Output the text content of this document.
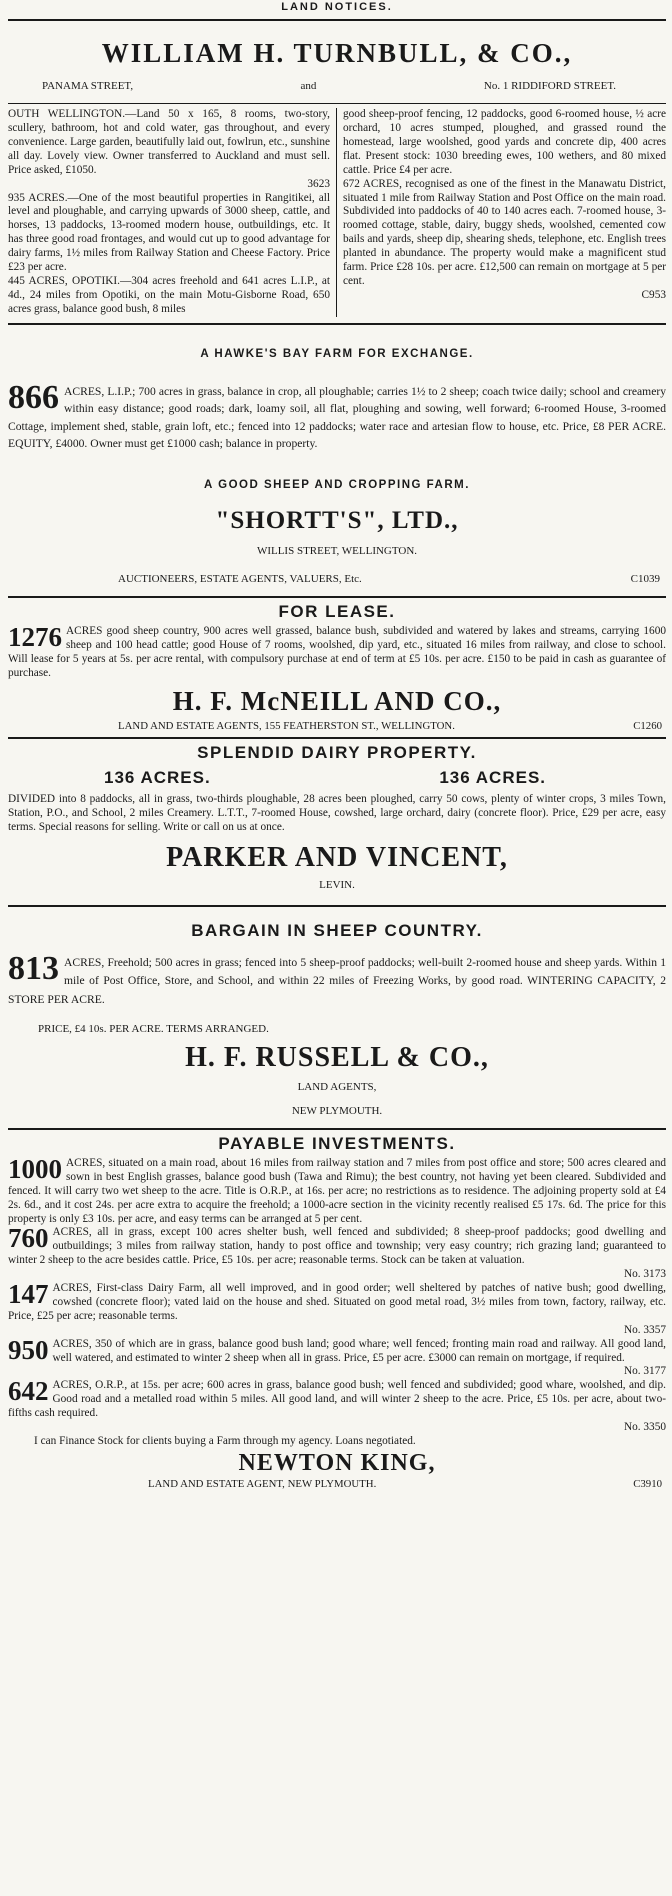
LAND NOTICES.
WILLIAM H. TURNBULL, & CO.,
PANAMA STREET,	and	No. 1 RIDDIFORD STREET.

OUTH WELLINGTON.—Land 50 x 165, 8 rooms, two-story, scullery, bathroom, hot and cold water, gas throughout, and every convenience. Large garden, beautifully laid out, fowlrun, etc., sunshine all day. Lovely view. Owner transferred to Auckland and must sell. Price asked, £1050.

3623

935 ACRES.—One of the most beautiful properties in Rangitikei, all level and ploughable, and carrying upwards of 3000 sheep, cattle, and horses, 13 paddocks, 13-roomed modern house, outbuildings, etc. It has three good road frontages, and would cut up to good advantage for dairy farms, 1½ miles from Railway Station and Cheese Factory. Price £23 per acre.

445 ACRES, OPOTIKI.—304 acres freehold and 641 acres L.I.P., at 4d., 24 miles from Opotiki, on the main Motu-Gisborne Road, 650 acres grass, balance good bush, 8 miles

good sheep-proof fencing, 12 paddocks, good 6-roomed house, ½ acre orchard, 10 acres stumped, ploughed, and grassed round the homestead, large woolshed, good yards and concrete dip, 400 acres flat. Present stock: 1030 breeding ewes, 100 wethers, and 80 mixed cattle. Price £4 per acre.

672 ACRES, recognised as one of the finest in the Manawatu District, situated 1 mile from Railway Station and Post Office on the main road. Subdivided into paddocks of 40 to 140 acres each. 7-roomed house, 3-roomed cottage, stable, dairy, buggy sheds, woolshed, cemented cow bails and yards, sheep dip, shearing sheds, telephone, etc. English trees planted in abundance. The property would make a magnificent stud farm. Price £28 10s. per acre. £12,500 can remain on mortgage at 5 per cent.

C953
A HAWKE'S BAY FARM FOR EXCHANGE.
866 ACRES, L.I.P.; 700 acres in grass, balance in crop, all ploughable; carries 1½ to 2 sheep; coach twice daily; school and creamery within easy distance; good roads; dark, loamy soil, all flat, ploughing and sowing, well forward; 6-roomed House, 3-roomed Cottage, implement shed, stable, grain loft, etc.; fenced into 12 paddocks; water race and artesian flow to house, etc. Price, £8 PER ACRE. EQUITY, £4000. Owner must get £1000 cash; balance in property.
A GOOD SHEEP AND CROPPING FARM.
"SHORTT'S", LTD.,
WILLIS STREET, WELLINGTON.
AUCTIONEERS, ESTATE AGENTS, VALUERS, Etc.	C1039
FOR LEASE.
1276 ACRES good sheep country, 900 acres well grassed, balance bush, subdivided and watered by lakes and streams, carrying 1600 sheep and 100 head cattle; good House of 7 rooms, woolshed, dip yard, etc., situated 16 miles from railway, and close to school. Will lease for 5 years at 5s. per acre rental, with compulsory purchase at end of term at £5 10s. per acre. £150 to be paid in cash as guarantee of purchase.
H. F. McNEILL AND CO.,
LAND AND ESTATE AGENTS, 155 FEATHERSTON ST., WELLINGTON.	C1260
SPLENDID DAIRY PROPERTY.
136 ACRES.	136 ACRES.

DIVIDED into 8 paddocks, all in grass, two-thirds ploughable, 28 acres been ploughed, carry 50 cows, plenty of winter crops, 3 miles Town, Station, P.O., and School, 2 miles Creamery. L.T.T., 7-roomed House, cowshed, large orchard, dairy (concrete floor). Price, £29 per acre, easy terms. Special reasons for selling. Write or call on us at once.

PARKER AND VINCENT,
LEVIN.
BARGAIN IN SHEEP COUNTRY.
813 ACRES, Freehold; 500 acres in grass; fenced into 5 sheep-proof paddocks; well-built 2-roomed house and sheep yards. Within 1 mile of Post Office, Store, and School, and within 22 miles of Freezing Works, by good road. WINTERING CAPACITY, 2 STORE PER ACRE.
PRICE, £4 10s. PER ACRE. TERMS ARRANGED.
H. F. RUSSELL & CO.,
LAND AGENTS,
NEW PLYMOUTH.
PAYABLE INVESTMENTS.
1000 ACRES, situated on a main road, about 16 miles from railway station and 7 miles from post office and store; 500 acres cleared and sown in best English grasses, balance good bush (Tawa and Rimu); the best country, not having yet been cleared. Subdivided and fenced. It will carry two wet sheep to the acre. Title is O.R.P., at 16s. per acre; no restrictions as to residence. The adjoining property sold at £4 2s. 6d., and it cost 24s. per acre extra to acquire the freehold; a 1000-acre section in the vicinity recently realised £5 17s. 6d. The price for this property is only £3 10s. per acre, and easy terms can be arranged at 5 per cent.
760 ACRES, all in grass, except 100 acres shelter bush, well fenced and subdivided; 8 sheep-proof paddocks; good dwelling and outbuildings; 3 miles from railway station, handy to post office and township; very easy country; rich grazing land; guaranteed to winter 2 sheep to the acre besides cattle. Price, £5 10s. per acre; reasonable terms. Stock can be taken at valuation.
No. 3173
147 ACRES, First-class Dairy Farm, all well improved, and in good order; well sheltered by patches of native bush; good dwelling, cowshed (concrete floor); vated laid on the house and shed. Situated on good metal road, 3½ miles from town, factory, railway, etc. Price, £25 per acre; reasonable terms.
No. 3357
950 ACRES, 350 of which are in grass, balance good bush land; good whare; well fenced; fronting main road and railway. All good land, well watered, and estimated to winter 2 sheep when all in grass. Price, £5 per acre. £3000 can remain on mortgage, if required.
No. 3177
642 ACRES, O.R.P., at 15s. per acre; 600 acres in grass, balance good bush; well fenced and subdivided; good whare, woolshed, and dip. Good road and a metalled road within 5 miles. All good land, and will winter 2 sheep to the acre. Price, £5 10s. per acre, about two-fifths cash required.
No. 3350
I can Finance Stock for clients buying a Farm through my agency. Loans negotiated.
NEWTON KING,
LAND AND ESTATE AGENT, NEW PLYMOUTH.	C3910
